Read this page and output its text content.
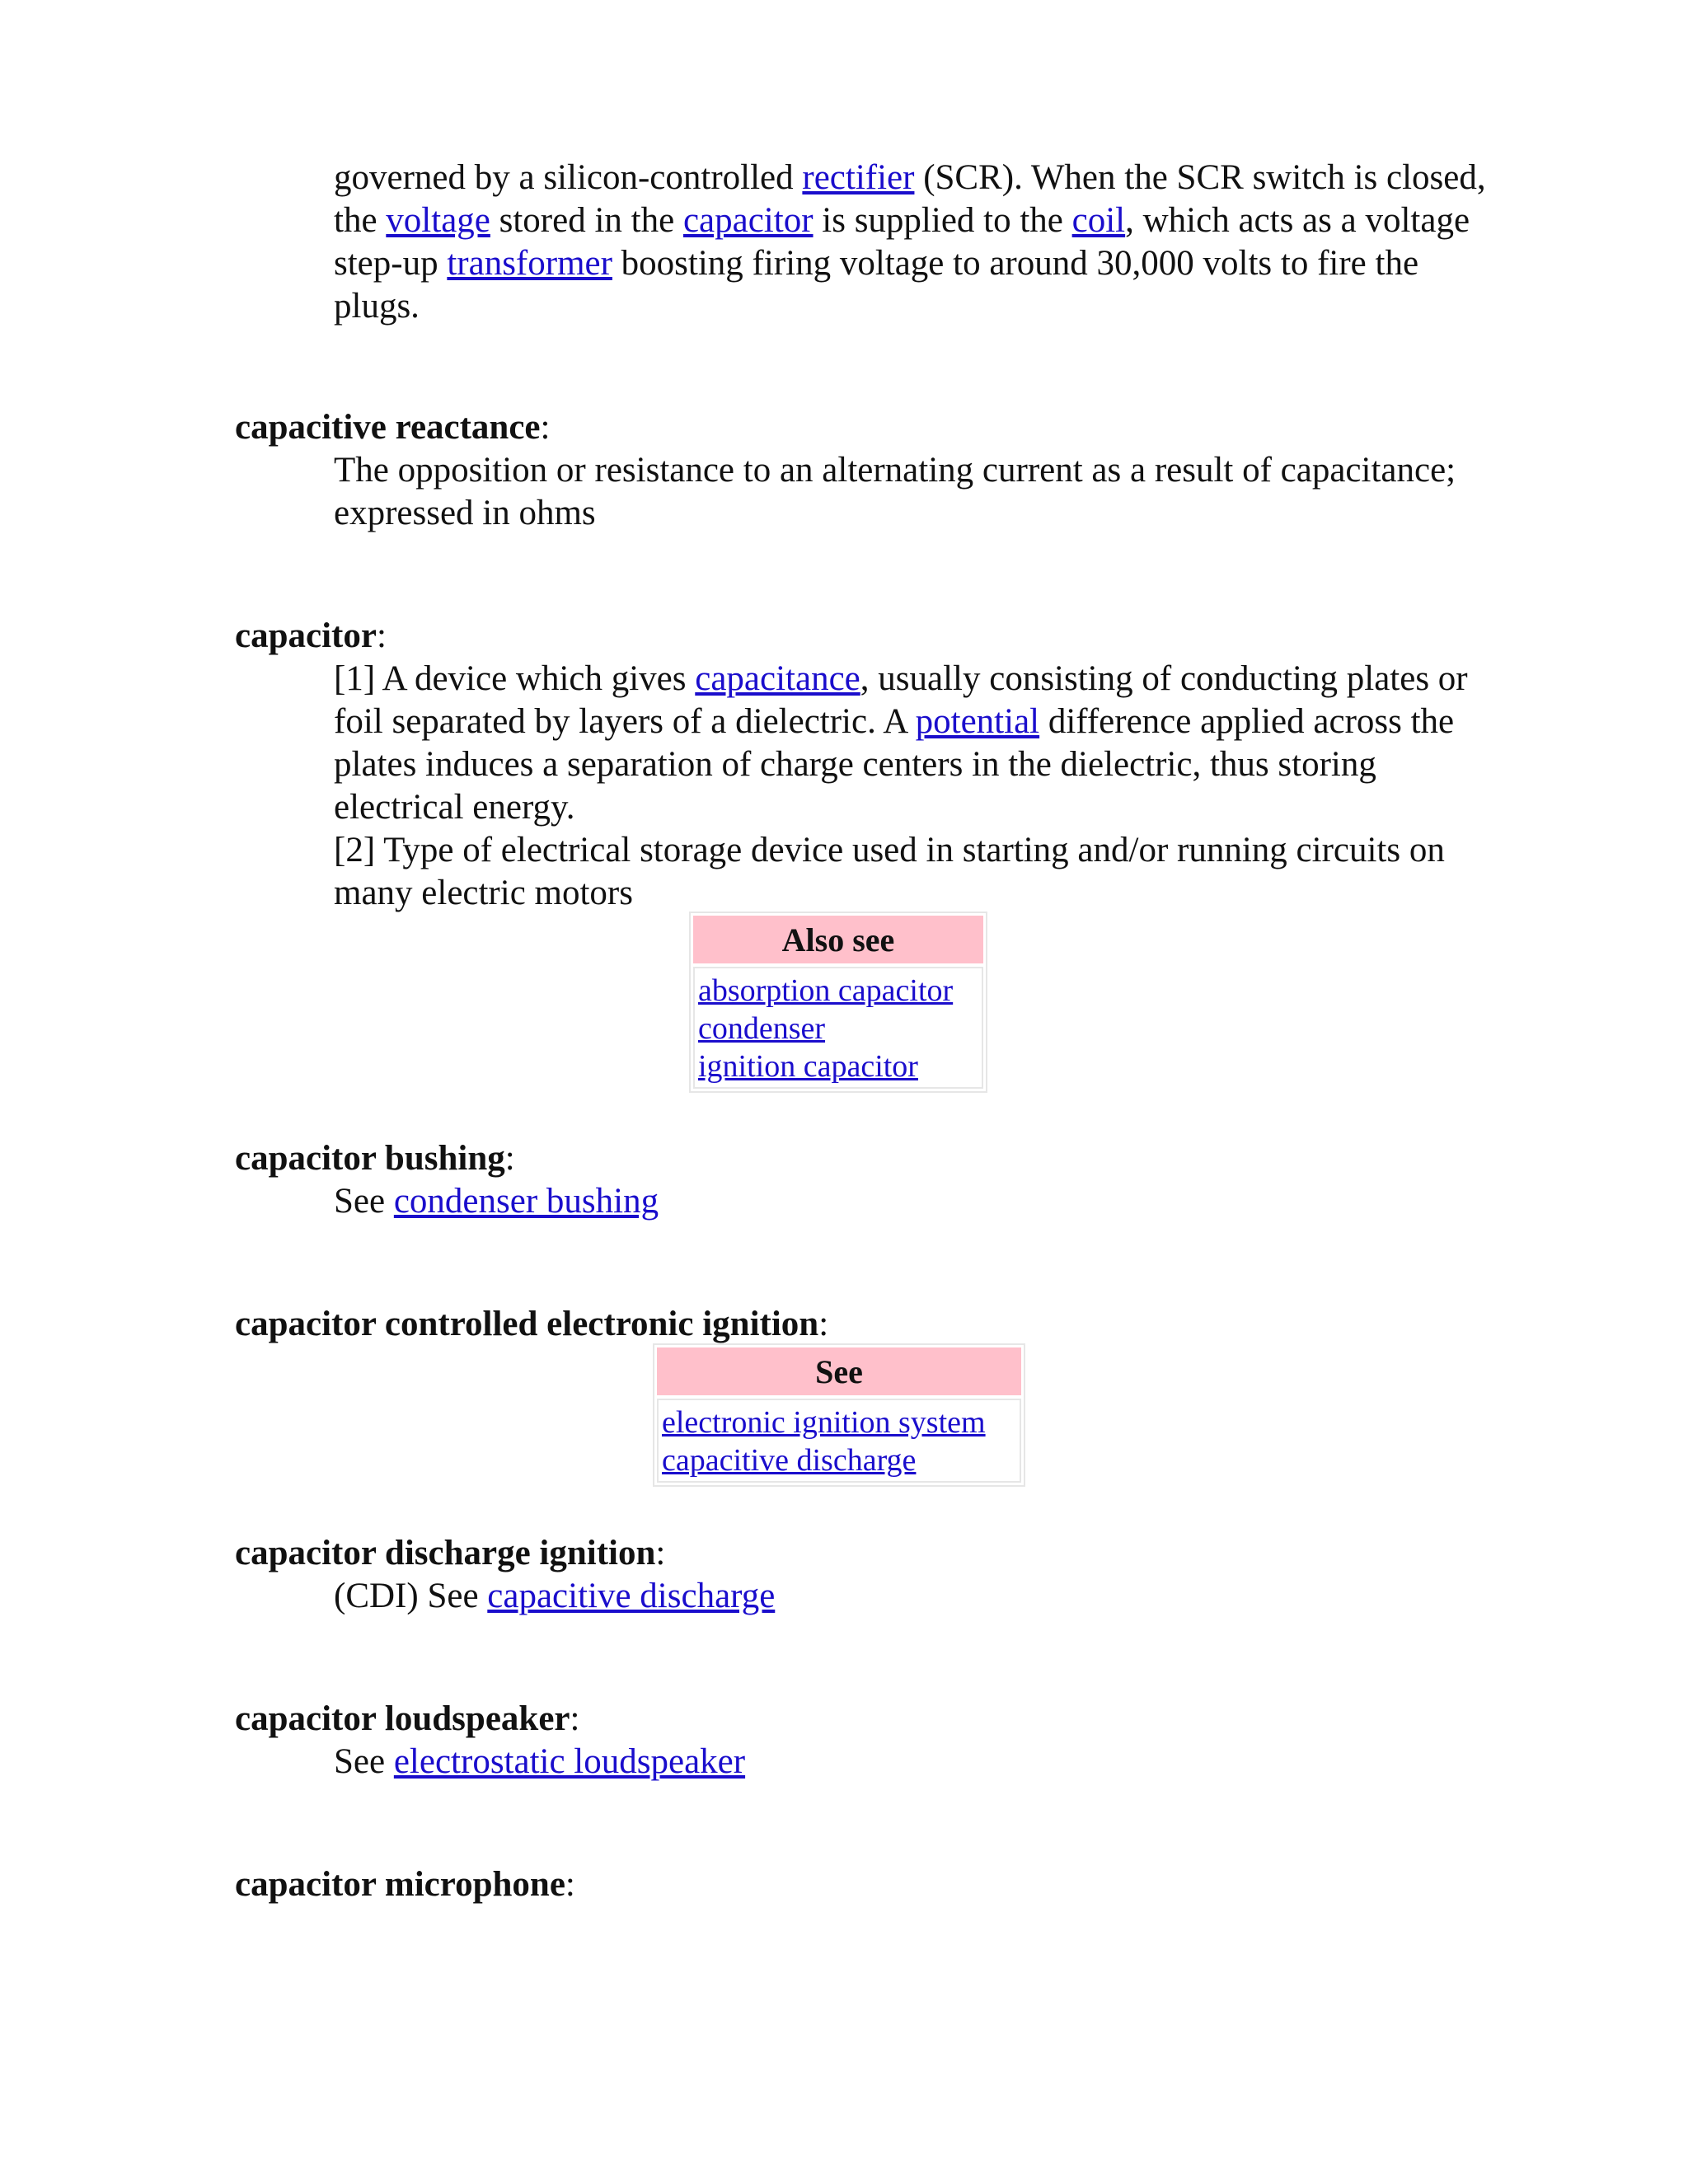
governed by a silicon-controlled rectifier (SCR). When the SCR switch is closed, the voltage stored in the capacitor is supplied to the coil, which acts as a voltage step-up transformer boosting firing voltage to around 30,000 volts to fire the plugs.

capacitive reactance:

The opposition or resistance to an alternating current as a result of capacitance; expressed in ohms

capacitor:

[1] A device which gives capacitance, usually consisting of conducting plates or foil separated by layers of a dielectric. A potential difference applied across the plates induces a separation of charge centers in the dielectric, thus storing electrical energy.

[2] Type of electrical storage device used in starting and/or running circuits on many electric motors

Also see
absorption capacitor
condenser
ignition capacitor
capacitor bushing:

See condenser bushing

capacitor controlled electronic ignition:
See
electronic ignition system
capacitive discharge
capacitor discharge ignition:

(CDI) See capacitive discharge

capacitor loudspeaker:

See electrostatic loudspeaker

capacitor microphone:
